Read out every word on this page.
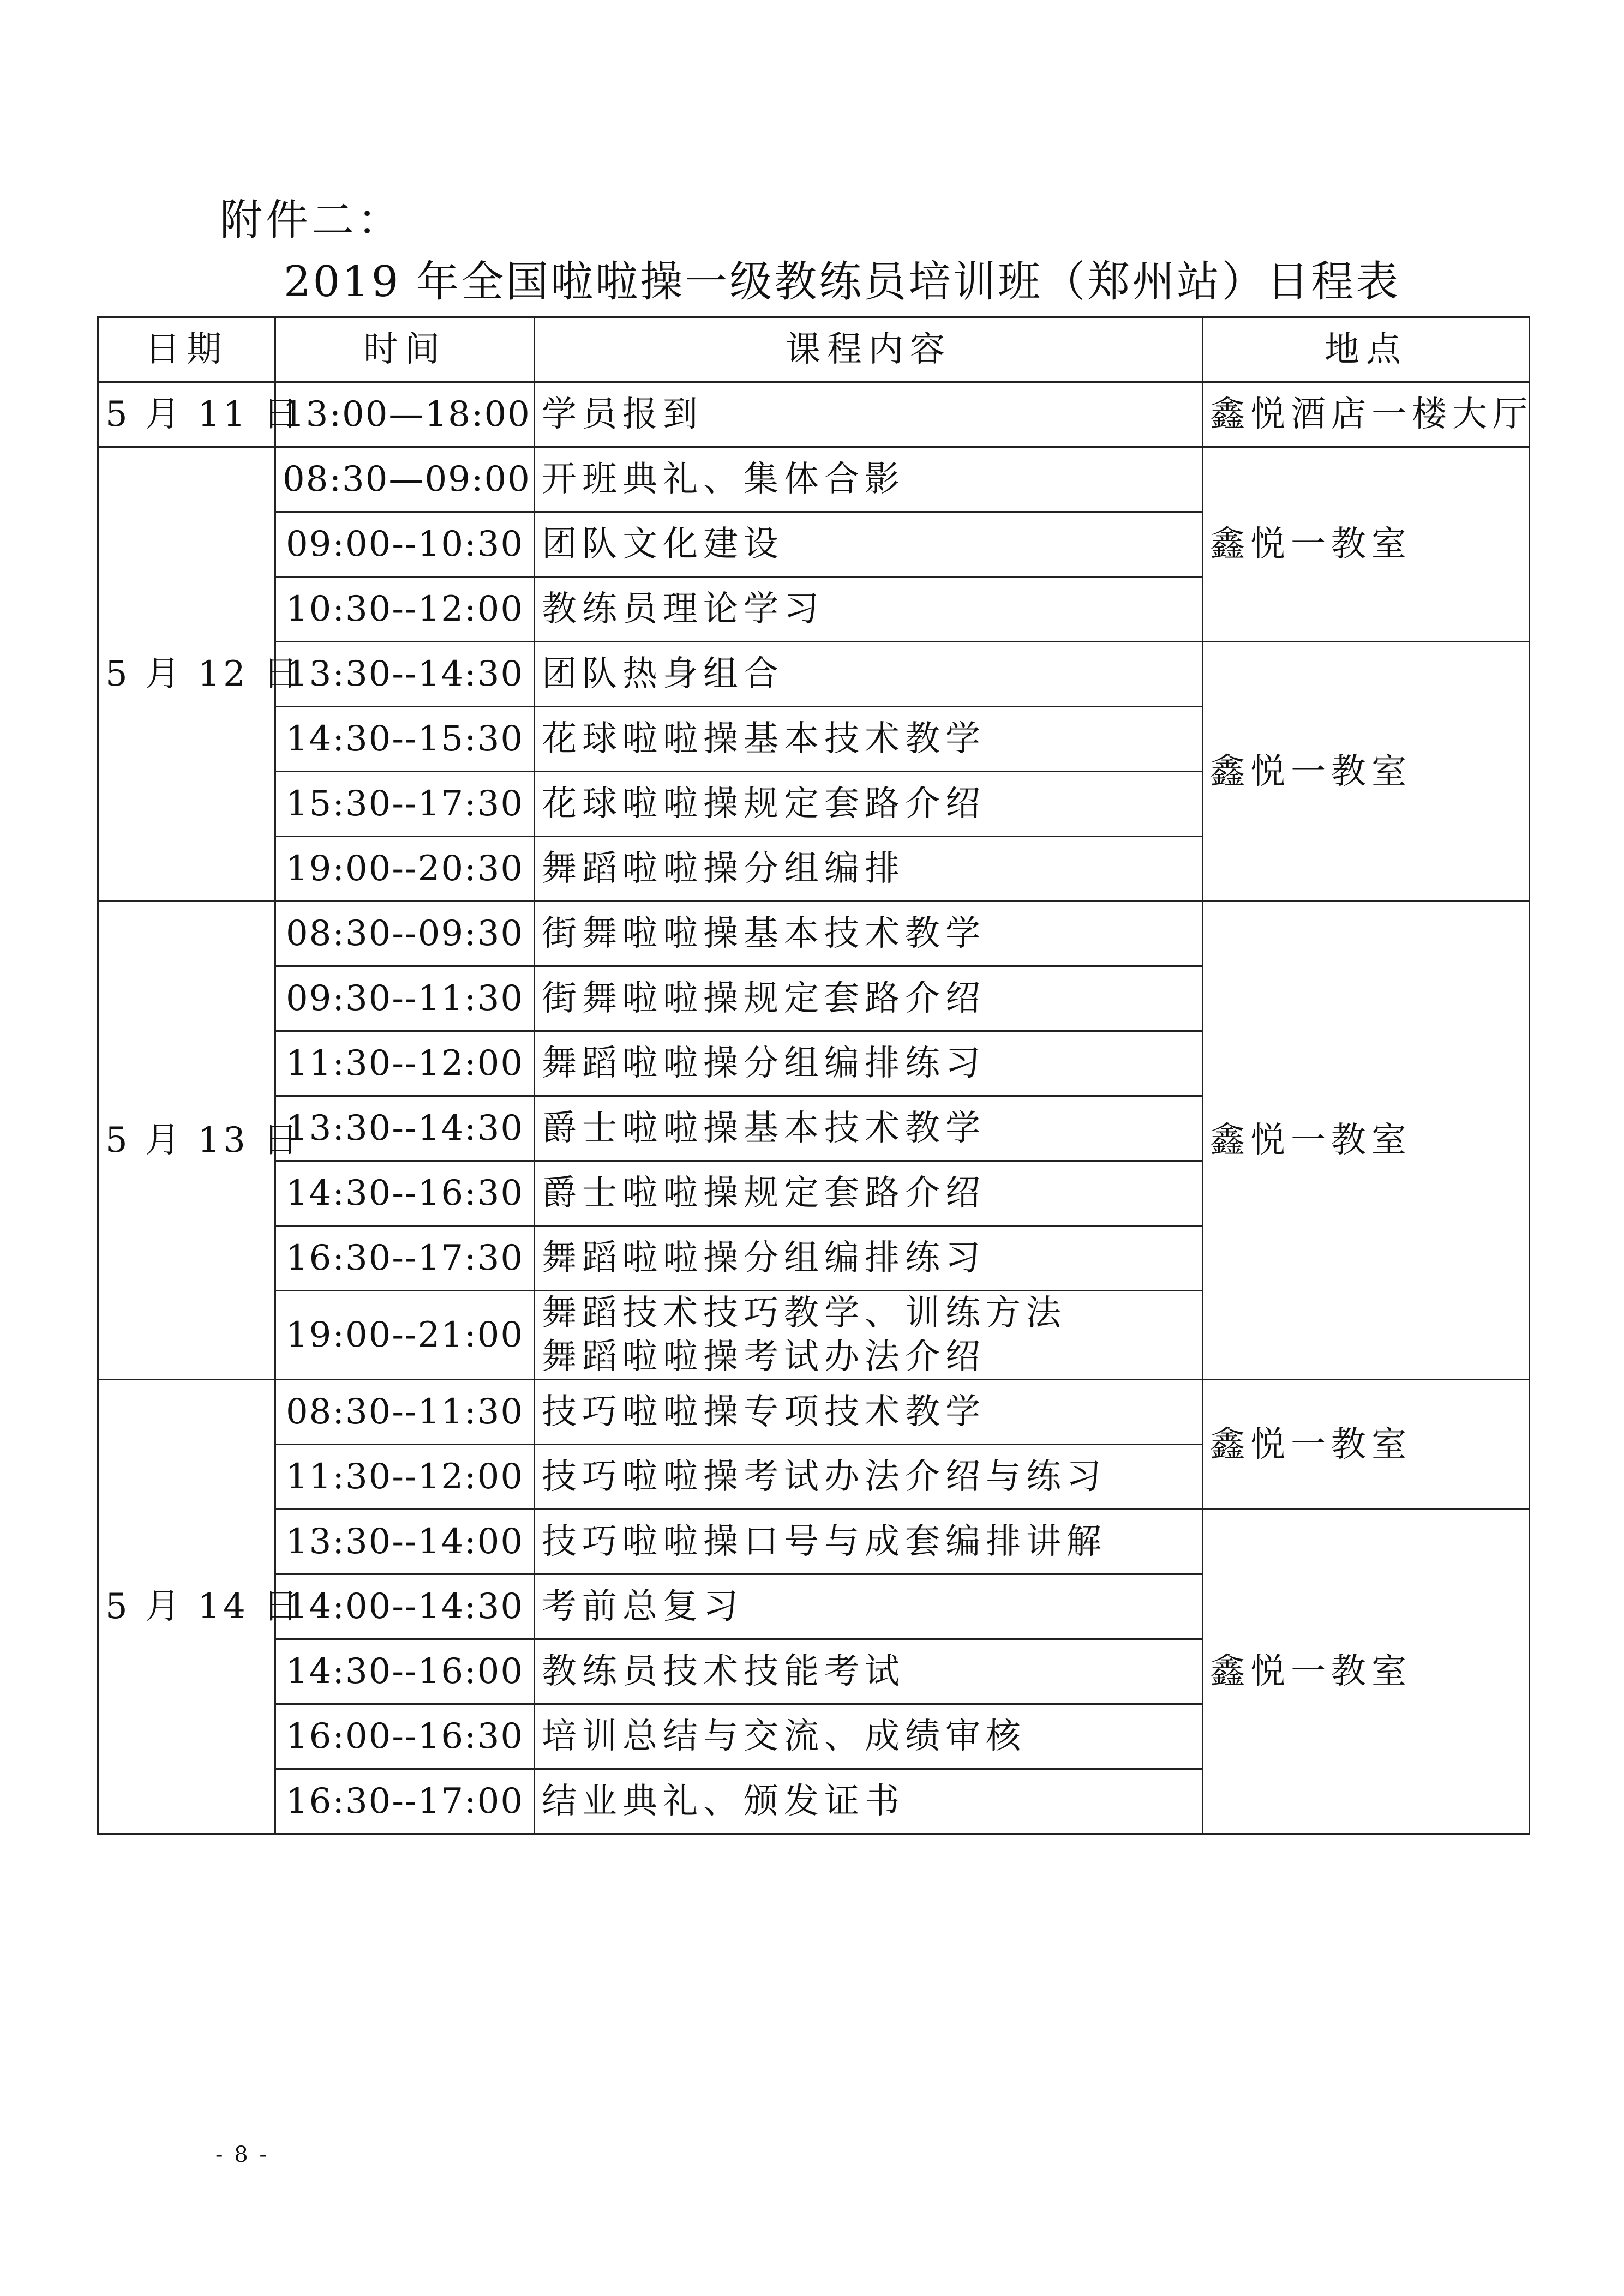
附件二：
2019 年全国啦啦操一级教练员培训班（郑州站）日程表
日期	时间	课程内容	地点
5 月 11 日	13:00—18:00	学员报到	鑫悦酒店一楼大厅
5 月 12 日	08:30—09:00	开班典礼、集体合影	鑫悦一教室
	09:00--10:30	团队文化建设	

	10:30--12:00	教练员理论学习	

	13:30--14:30	团队热身组合	鑫悦一教室
	14:30--15:30	花球啦啦操基本技术教学	

	15:30--17:30	花球啦啦操规定套路介绍	

	19:00--20:30	舞蹈啦啦操分组编排	

5 月 13 日	08:30--09:30	街舞啦啦操基本技术教学	鑫悦一教室
	09:30--11:30	街舞啦啦操规定套路介绍	

	11:30--12:00	舞蹈啦啦操分组编排练习	

	13:30--14:30	爵士啦啦操基本技术教学	

	14:30--16:30	爵士啦啦操规定套路介绍	

	16:30--17:30	舞蹈啦啦操分组编排练习	

	19:00--21:00	舞蹈技术技巧教学、训练方法
舞蹈啦啦操考试办法介绍	

5 月 14 日	08:30--11:30	技巧啦啦操专项技术教学	鑫悦一教室
	11:30--12:00	技巧啦啦操考试办法介绍与练习	

	13:30--14:00	技巧啦啦操口号与成套编排讲解	鑫悦一教室
	14:00--14:30	考前总复习	

	14:30--16:00	教练员技术技能考试	

	16:00--16:30	培训总结与交流、成绩审核	

	16:30--17:00	结业典礼、颁发证书	
- 8 -
